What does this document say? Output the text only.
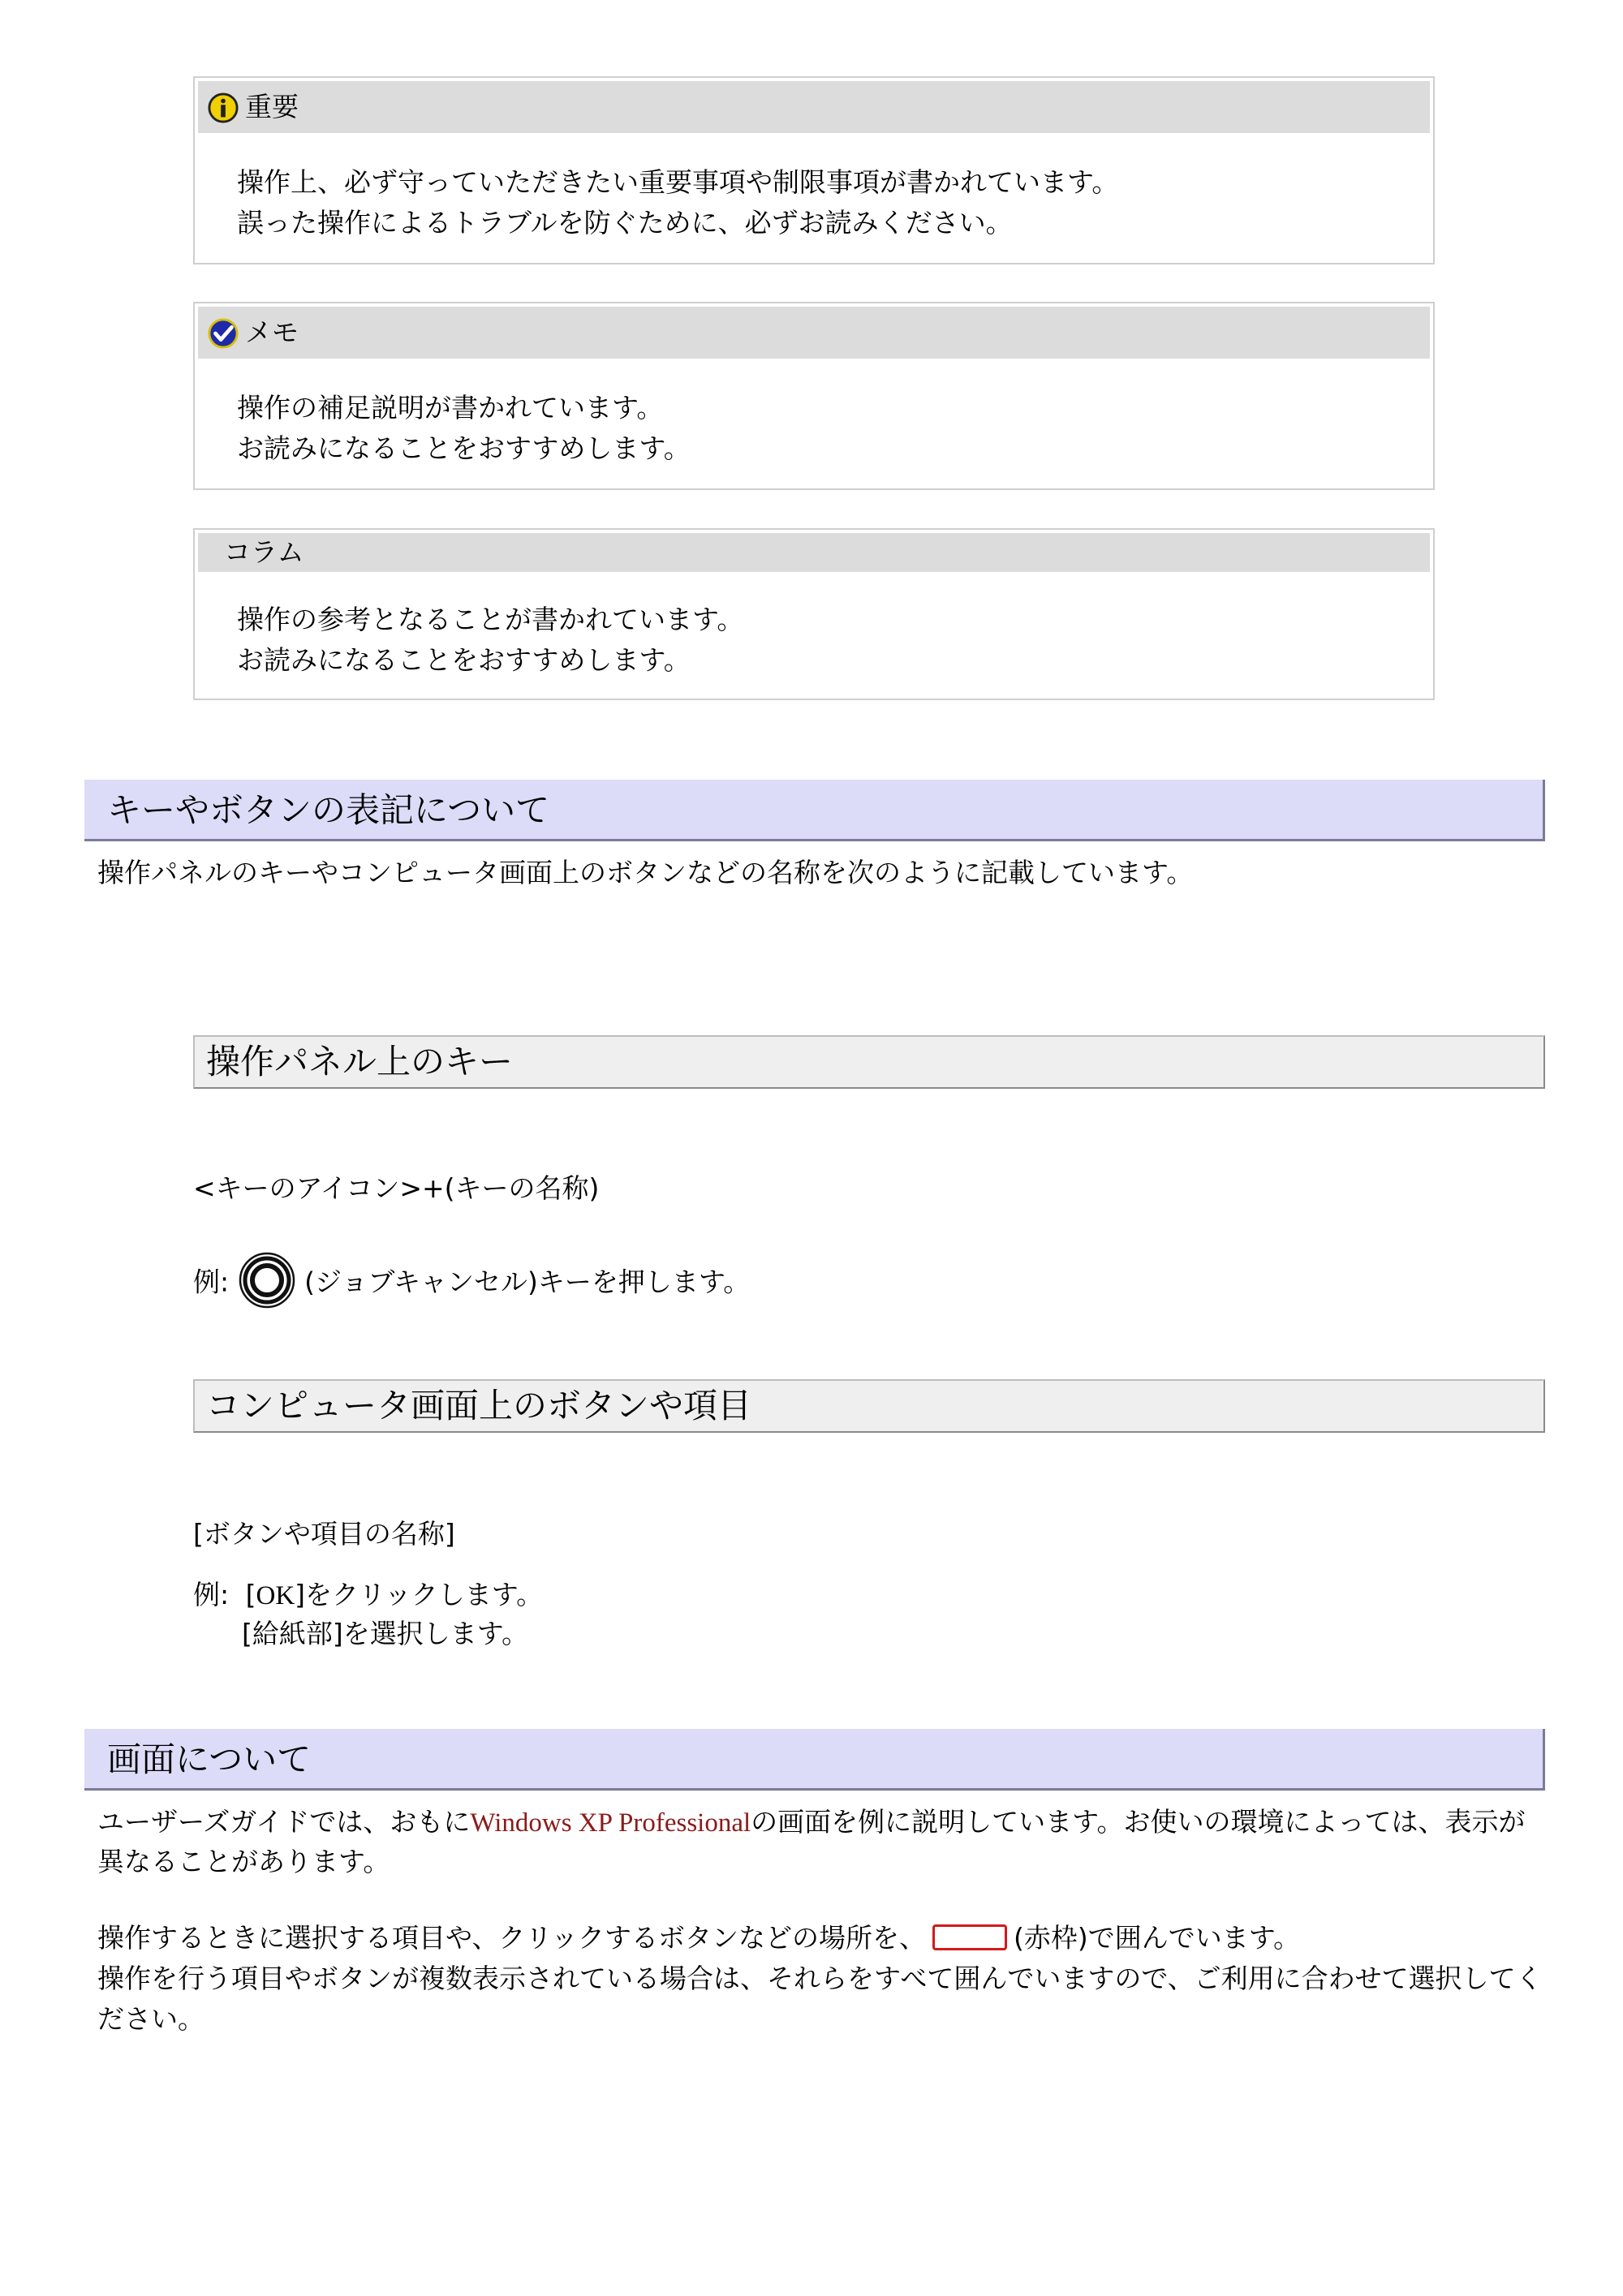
重要
操作上、必ず守っていただきたい重要事項や制限事項が書かれています。
誤った操作によるトラブルを防ぐために、必ずお読みください。
メモ
操作の補足説明が書かれています。
お読みになることをおすすめします。
コラム
操作の参考となることが書かれています。
お読みになることをおすすめします。
キーやボタンの表記について
操作パネルのキーやコンピュータ画面上のボタンなどの名称を次のように記載しています。
操作パネル上のキー
<キーのアイコン>+(キーの名称)
例:	(ジョブキャンセル)キーを押します。
コンピュータ画面上のボタンや項目
[ボタンや項目の名称]
例: [OK]をクリックします。
[給紙部]を選択します。
画面について
ユーザーズガイドでは、おもにWindows XP Professionalの画面を例に説明しています。お使いの環境によっては、表示が
異なることがあります。
操作するときに選択する項目や、クリックするボタンなどの場所を、	(赤枠)で囲んでいます。
操作を行う項目やボタンが複数表示されている場合は、それらをすべて囲んでいますので、ご利用に合わせて選択してく
ださい。
